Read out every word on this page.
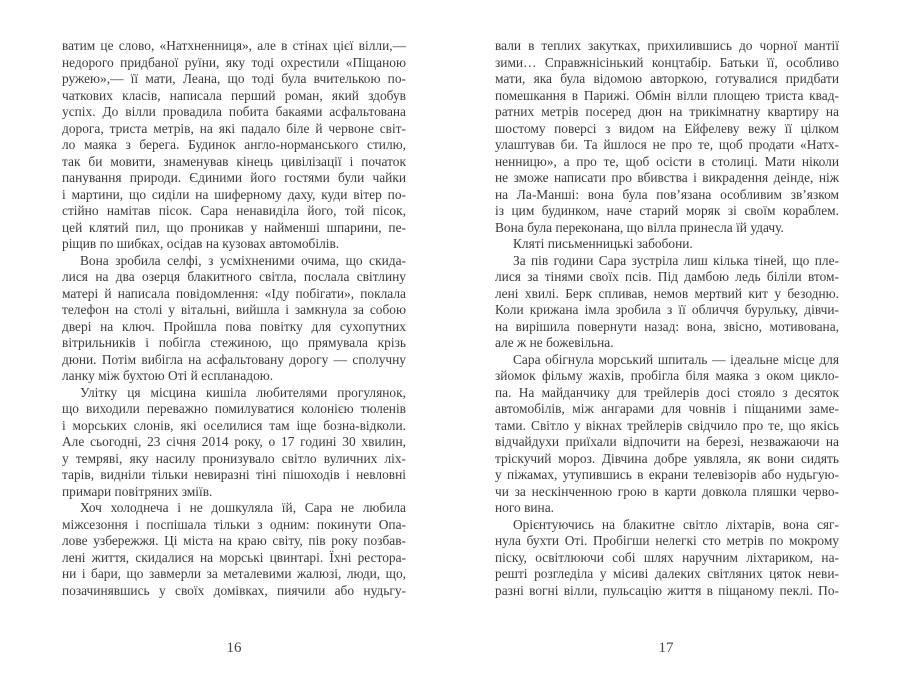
ватим це слово, «Натхненниця», але в стінах цієї вілли,—
недорого придбаної руїни, яку тоді охрестили «Піщаною
ружею»,— її мати, Леана, що тоді була вчителькою по-
чаткових класів, написала перший роман, який здобув
успіх. До вілли провадила побита бакаями асфальтована
дорога, триста метрів, на які падало біле й червоне світ-
ло маяка з берега. Будинок англо-норманського стилю,
так би мовити, знаменував кінець цивілізації і початок
панування природи. Єдиними його гостями були чайки
і мартини, що сиділи на шиферному даху, куди вітер по-
стійно намітав пісок. Сара ненавиділа його, той пісок,
цей клятий пил, що проникав у найменші шпарини, пе-
ріщив по шибках, осідав на кузовах автомобілів.
Вона зробила селфі, з усміхненими очима, що скида-
лися на два озерця блакитного світла, послала світлину
матері й написала повідомлення: «Іду побігати», поклала
телефон на столі у вітальні, вийшла і замкнула за собою
двері на ключ. Пройшла пова повітку для сухопутних
вітрильників і побігла стежиною, що прямувала крізь
дюни. Потім вибігла на асфальтовану дорогу — сполучну
ланку між бухтою Оті й еспланадою.
Улітку ця місцина кишіла любителями прогулянок,
що виходили переважно помилуватися колонією тюленів
і морських слонів, які оселилися там іще бозна-відколи.
Але сьогодні, 23 січня 2014 року, о 17 годині 30 хвилин,
у темряві, яку насилу пронизувало світло вуличних ліх-
тарів, видніли тільки невиразні тіні пішоходів і невловні
примари повітряних зміїв.
Хоч холоднеча і не дошкуляла їй, Сара не любила
міжсезоння і поспішала тільки з одним: покинути Опа-
лове узбережжя. Ці міста на краю світу, пів року позбав-
лені життя, скидалися на морські цвинтарі. Їхні ресторa-
ни і бари, що завмерли за металевими жалюзі, люди, що,
позачинявшись у своїх домівках, пиячили або нудьгу-
вали в теплих закутках, прихилившись до чорної мантії
зими… Справжнісінький концтабір. Батьки її, особливо
мати, яка була відомою авторкою, готувалися придбати
помешкання в Парижі. Обмін вілли площею триста квад-
ратних метрів посеред дюн на трикімнатну квартиру на
шостому поверсі з видом на Ейфелеву вежу її цілком
улаштував би. Та йшлося не про те, щоб продати «Натх-
ненницю», а про те, щоб осісти в столиці. Мати ніколи
не зможе написати про вбивства і викрадення деінде, ніж
на Ла-Манші: вона була пов’язана особливим зв’язком
із цим будинком, наче старий моряк зі своїм кораблем.
Вона була переконана, що вілла принесла їй удачу.
Кляті письменницькі забобони.
За пів години Сара зустріла лиш кілька тіней, що пле-
лися за тінями своїх псів. Під дамбою ледь біліли втом-
лені хвилі. Берк спливав, немов мертвий кит у безодню.
Коли крижана імла зробила з її обличчя бурульку, дівчи-
на вирішила повернути назад: вона, звісно, мотивована,
але ж не божевільна.
Сара обігнула морський шпиталь — ідеальне місце для
зйомок фільму жахів, пробігла біля маяка з оком цикло-
па. На майданчику для трейлерів досі стояло з десяток
автомобілів, між ангарами для човнів і піщаними заме-
тами. Світло у вікнах трейлерів свідчило про те, що якісь
відчайдухи приїхали відпочити на березі, незважаючи на
тріскучий мороз. Дівчина добре уявляла, як вони сидять
у піжамах, утупившись в екрани телевізорів або нудьгую-
чи за нескінченною грою в карти довкола пляшки черво-
ного вина.
Орієнтуючись на блакитне світло ліхтарів, вона сяг-
нула бухти Оті. Пробігши нелегкі сто метрів по мокрому
піску, освітлюючи собі шлях наручним ліхтариком, на-
решті розгледіла у місиві далеких світляних цяток неви-
разні вогні вілли, пульсацію життя в піщаному пеклі. По-
16	17
